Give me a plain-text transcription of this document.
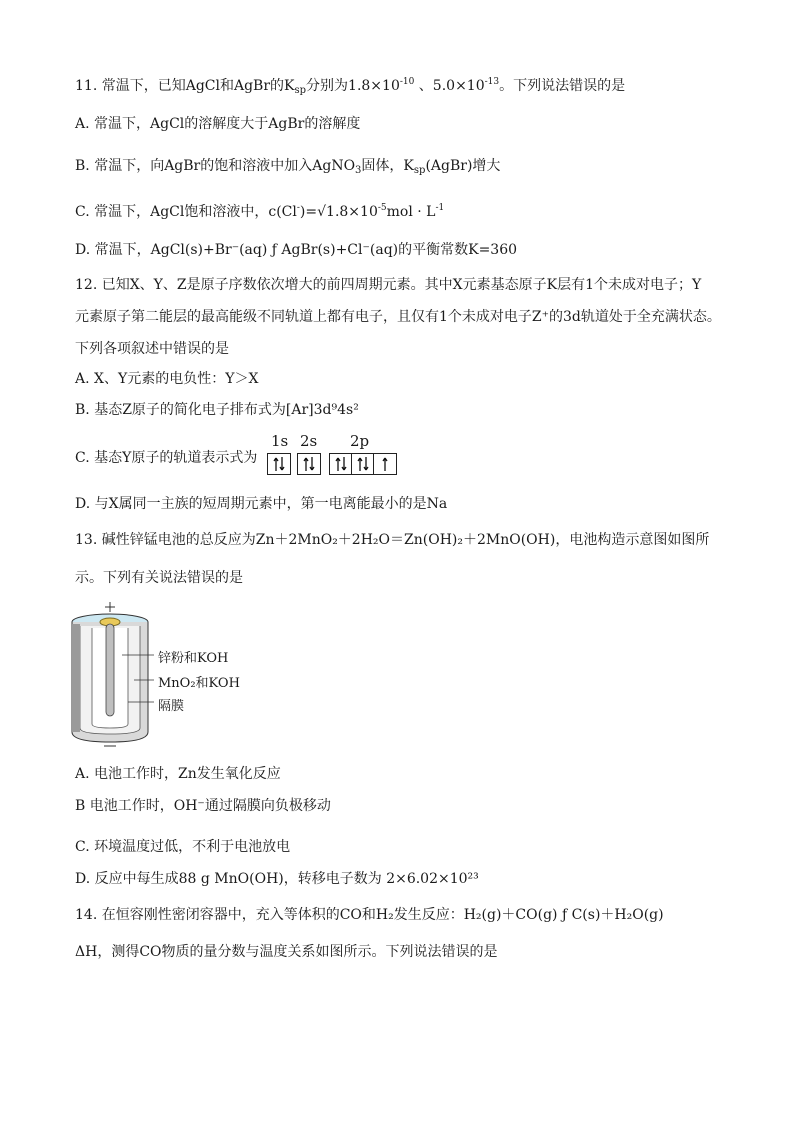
11. 常温下，已知AgCl和AgBr的$K_{sp}$分别为$1.8\times 10^{-10}$ 、$5.0\times 10^{-13}$。下列说法错误的是
A. 常温下，AgCl的溶解度大于AgBr的溶解度
B. 常温下，向AgBr的饱和溶液中加入AgNO$_3$固体，$K_{sp}(AgBr)$增大
C. 常温下，AgCl饱和溶液中，$c(Cl^-)=√1.8\times 10^{-5}mol \cdot L^{-1}$
D. 常温下，AgCl(s)+Br⁻(aq) ƒ AgBr(s)+Cl⁻(aq)的平衡常数K=360
12. 已知X、Y、Z是原子序数依次增大的前四周期元素。其中X元素基态原子K层有1个未成对电子；Y
元素原子第二能层的最高能级不同轨道上都有电子，且仅有1个未成对电子Z⁺的3d轨道处于全充满状态。
下列各项叙述中错误的是
A. X、Y元素的电负性：Y＞X
B. 基态Z原子的简化电子排布式为[Ar]3d⁹4s²
C. 基态Y原子的轨道表示式为
1s 2s 2p
D. 与X属同一主族的短周期元素中，第一电离能最小的是Na
13. 碱性锌锰电池的总反应为Zn＋2MnO₂＋2H₂O＝Zn(OH)₂＋2MnO(OH)，电池构造示意图如图所
示。下列有关说法错误的是
锌粉和KOH
MnO₂和KOH
隔膜
A. 电池工作时，Zn发生氧化反应
B 电池工作时，OH⁻通过隔膜向负极移动
C. 环境温度过低，不利于电池放电
D. 反应中每生成88 g MnO(OH)，转移电子数为 2×6.02×10²³
14. 在恒容刚性密闭容器中，充入等体积的CO和H₂发生反应：H₂(g)＋CO(g) ƒ C(s)＋H₂O(g)
ΔH，测得CO物质的量分数与温度关系如图所示。下列说法错误的是
